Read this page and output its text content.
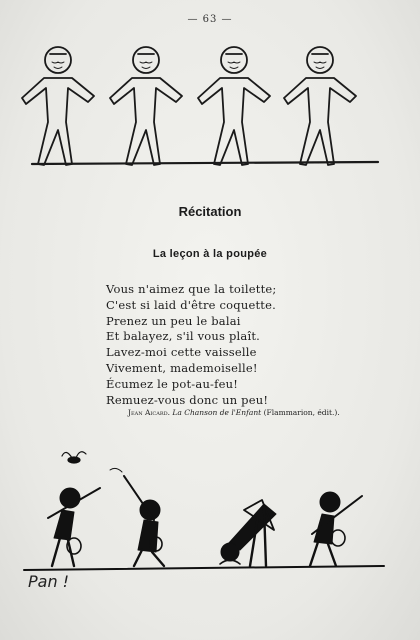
— 63 —
Récitation
La leçon à la poupée
Vous n'aimez que la toilette;
C'est si laid d'être coquette.
Prenez un peu le balai
Et balayez, s'il vous plaît.
Lavez-moi cette vaisselle
Vivement, mademoiselle!
Écumez le pot-au-feu!
Remuez-vous donc un peu!
Jean Aicard. La Chanson de l'Enfant (Flammarion, édit.).
Pan !
